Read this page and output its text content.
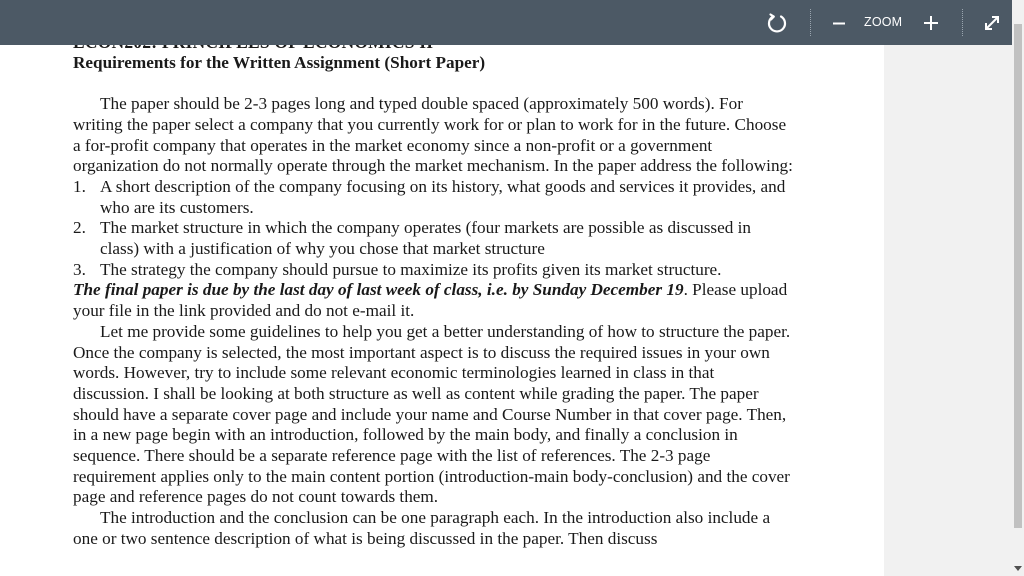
Requirements for the Written Assignment (Short Paper)

The paper should be 2-3 pages long and typed double spaced (approximately 500 words). For writing the paper select a company that you currently work for or plan to work for in the future. Choose a for-profit company that operates in the market economy since a non-profit or a government organization do not normally operate through the market mechanism. In the paper address the following:

1. A short description of the company focusing on its history, what goods and services it provides, and who are its customers.
2. The market structure in which the company operates (four markets are possible as discussed in class) with a justification of why you chose that market structure
3. The strategy the company should pursue to maximize its profits given its market structure.

The final paper is due by the last day of last week of class, i.e. by Sunday December 19. Please upload your file in the link provided and do not e-mail it.

Let me provide some guidelines to help you get a better understanding of how to structure the paper. Once the company is selected, the most important aspect is to discuss the required issues in your own words. However, try to include some relevant economic terminologies learned in class in that discussion. I shall be looking at both structure as well as content while grading the paper. The paper should have a separate cover page and include your name and Course Number in that cover page. Then, in a new page begin with an introduction, followed by the main body, and finally a conclusion in sequence. There should be a separate reference page with the list of references. The 2-3 page requirement applies only to the main content portion (introduction-main body-conclusion) and the cover page and reference pages do not count towards them.

The introduction and the conclusion can be one paragraph each. In the introduction also include a one or two sentence description of what is being discussed in the paper. Then discuss

ZOOM
